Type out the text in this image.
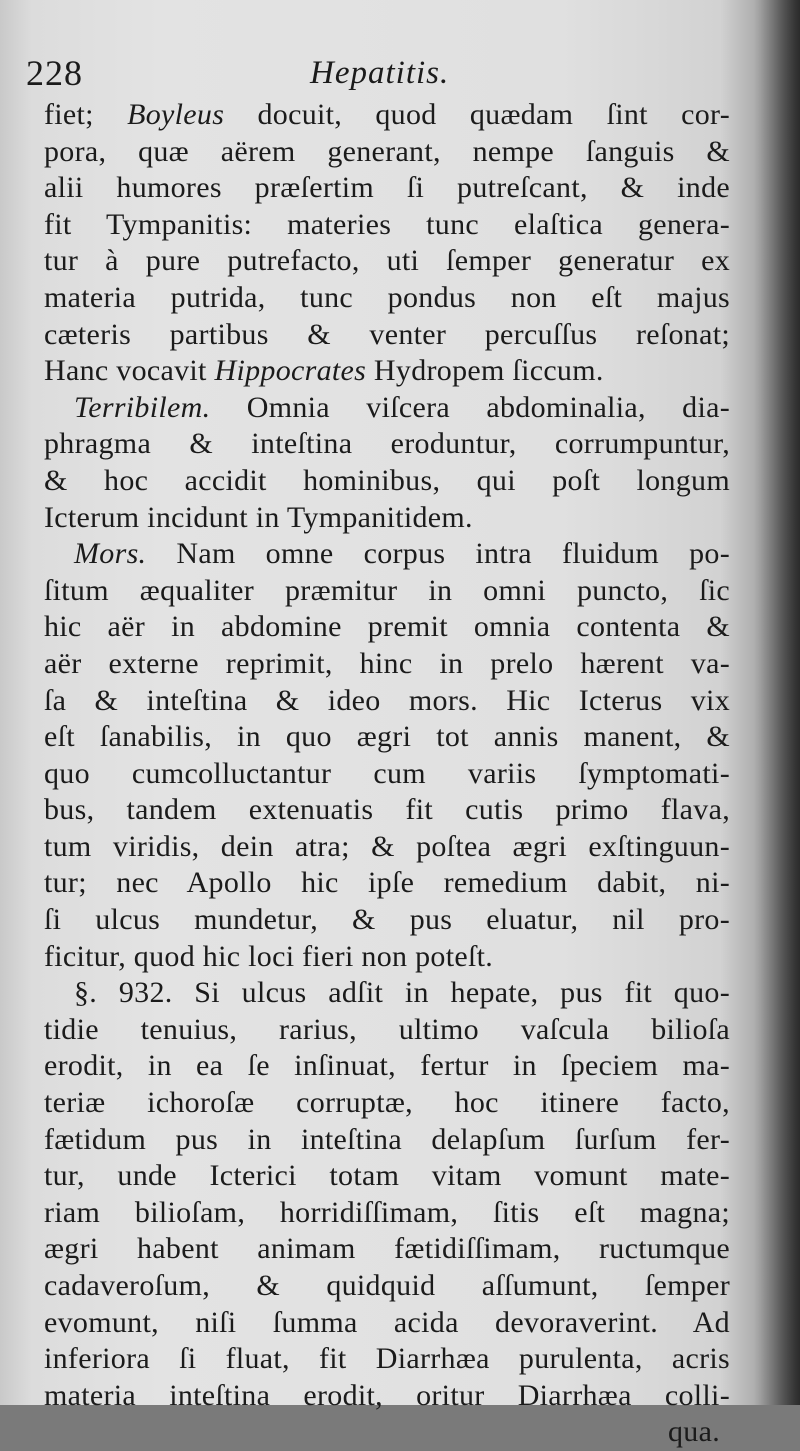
228	Hepatitis.
fiet; Boyleus docuit, quod quædam ſint cor-
pora, quæ aërem generant, nempe ſanguis &
alii humores præſertim ſi putreſcant, & inde
fit Tympanitis: materies tunc elaſtica genera-
tur à pure putrefacto, uti ſemper generatur ex
materia putrida, tunc pondus non eſt majus
cæteris partibus & venter percuſſus reſonat;
Hanc vocavit Hippocrates Hydropem ſiccum.
Terribilem. Omnia viſcera abdominalia, dia-
phragma & inteſtina eroduntur, corrumpuntur,
& hoc accidit hominibus, qui poſt longum
Icterum incidunt in Tympanitidem.
Mors. Nam omne corpus intra fluidum po-
ſitum æqualiter præmitur in omni puncto, ſic
hic aër in abdomine premit omnia contenta &
aër externe reprimit, hinc in prelo hærent va-
ſa & inteſtina & ideo mors. Hic Icterus vix
eſt ſanabilis, in quo ægri tot annis manent, &
quo cumcolluctantur cum variis ſymptomati-
bus, tandem extenuatis fit cutis primo flava,
tum viridis, dein atra; & poſtea ægri exſtinguun-
tur; nec Apollo hic ipſe remedium dabit, ni-
ſi ulcus mundetur, & pus eluatur, nil pro-
ficitur, quod hic loci fieri non poteſt.
§. 932. Si ulcus adſit in hepate, pus fit quo-
tidie tenuius, rarius, ultimo vaſcula bilioſa
erodit, in ea ſe inſinuat, fertur in ſpeciem ma-
teriæ ichoroſæ corruptæ, hoc itinere facto,
fætidum pus in inteſtina delapſum ſurſum fer-
tur, unde Icterici totam vitam vomunt mate-
riam bilioſam, horridiſſimam, ſitis eſt magna;
ægri habent animam fætidiſſimam, ructumque
cadaveroſum, & quidquid aſſumunt, ſemper
evomunt, niſi ſumma acida devoraverint. Ad
inferiora ſi fluat, fit Diarrhæa purulenta, acris
materia inteſtina erodit, oritur Diarrhæa colli-
qua.
